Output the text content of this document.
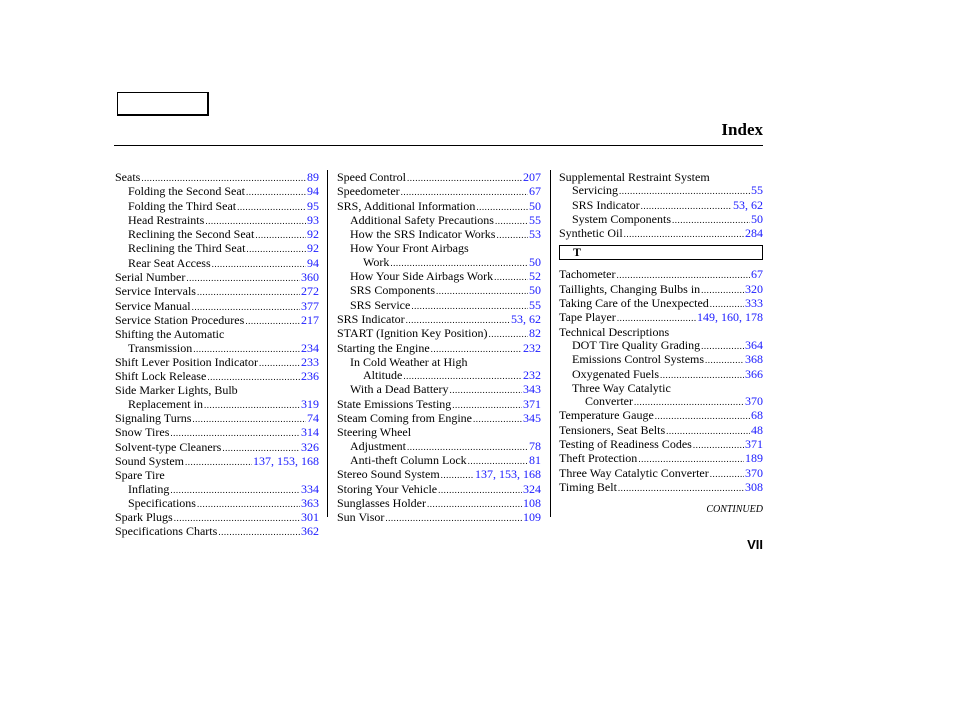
Index
Seats .....	89
Folding the Second Seat .....	94
Folding the Third Seat .....	95
Head Restraints .....	93
Reclining the Second Seat .....	92
Reclining the Third Seat .....	92
Rear Seat Access .....	94
Serial Number .....	360
Service Intervals .....	272
Service Manual .....	377
Service Station Procedures .....	217
Shifting the Automatic
Transmission .....	234
Shift Lever Position Indicator .....	233
Shift Lock Release .....	236
Side Marker Lights, Bulb
Replacement in .....	319
Signaling Turns .....	74
Snow Tires .....	314
Solvent-type Cleaners .....	326
Sound System .....	137, 153, 168
Spare Tire
Inflating .....	334
Specifications .....	363
Spark Plugs .....	301
Specifications Charts .....	362
Speed Control .....	207
Speedometer .....	67
SRS, Additional Information .....	50
Additional Safety Precautions .....	55
How the SRS Indicator Works .....	53
How Your Front Airbags
Work .....	50
How Your Side Airbags Work .....	52
SRS Components .....	50
SRS Service .....	55
SRS Indicator .....	53, 62
START (Ignition Key Position) .....	82
Starting the Engine .....	232
In Cold Weather at High
Altitude .....	232
With a Dead Battery .....	343
State Emissions Testing .....	371
Steam Coming from Engine .....	345
Steering Wheel
Adjustment .....	78
Anti-theft Column Lock .....	81
Stereo Sound System .....	137, 153, 168
Storing Your Vehicle .....	324
Sunglasses Holder .....	108
Sun Visor .....	109
Supplemental Restraint System
Servicing .....	55
SRS Indicator .....	53, 62
System Components .....	50
Synthetic Oil .....	284
T
Tachometer .....	67
Taillights, Changing Bulbs in .....	320
Taking Care of the Unexpected .....	333
Tape Player .....	149, 160, 178
Technical Descriptions
DOT Tire Quality Grading .....	364
Emissions Control Systems .....	368
Oxygenated Fuels .....	366
Three Way Catalytic
Converter .....	370
Temperature Gauge .....	68
Tensioners, Seat Belts .....	48
Testing of Readiness Codes .....	371
Theft Protection .....	189
Three Way Catalytic Converter .....	370
Timing Belt .....	308
CONTINUED
VII
